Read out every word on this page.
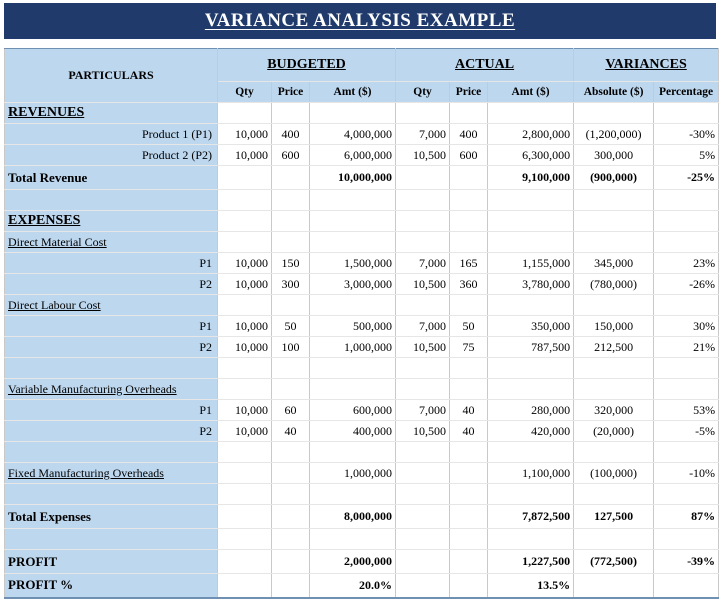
VARIANCE ANALYSIS EXAMPLE
PARTICULARS	BUDGETED			ACTUAL			VARIANCES	
	Qty	Price	Amt ($)	Qty	Price	Amt ($)	Absolute ($)	Percentage
REVENUES								

Product 1 (P1)	10,000	400	4,000,000	7,000	400	2,800,000	(1,200,000)	-30%

Product 2 (P2)	10,000	600	6,000,000	10,500	600	6,300,000	300,000	5%
Total Revenue			10,000,000			9,100,000	(900,000)	-25%

EXPENSES								
Direct Material Cost								

P1	10,000	150	1,500,000	7,000	165	1,155,000	345,000	23%

P2	10,000	300	3,000,000	10,500	360	3,780,000	(780,000)	-26%
Direct Labour Cost								

P1	10,000	50	500,000	7,000	50	350,000	150,000	30%

P2	10,000	100	1,000,000	10,500	75	787,500	212,500	21%

Variable Manufacturing Overheads								

P1	10,000	60	600,000	7,000	40	280,000	320,000	53%

P2	10,000	40	400,000	10,500	40	420,000	(20,000)	-5%

Fixed Manufacturing Overheads			1,000,000			1,100,000	(100,000)	-10%

Total Expenses			8,000,000			7,872,500	127,500	87%

PROFIT			2,000,000			1,227,500	(772,500)	-39%
PROFIT %			20.0%			13.5%		
